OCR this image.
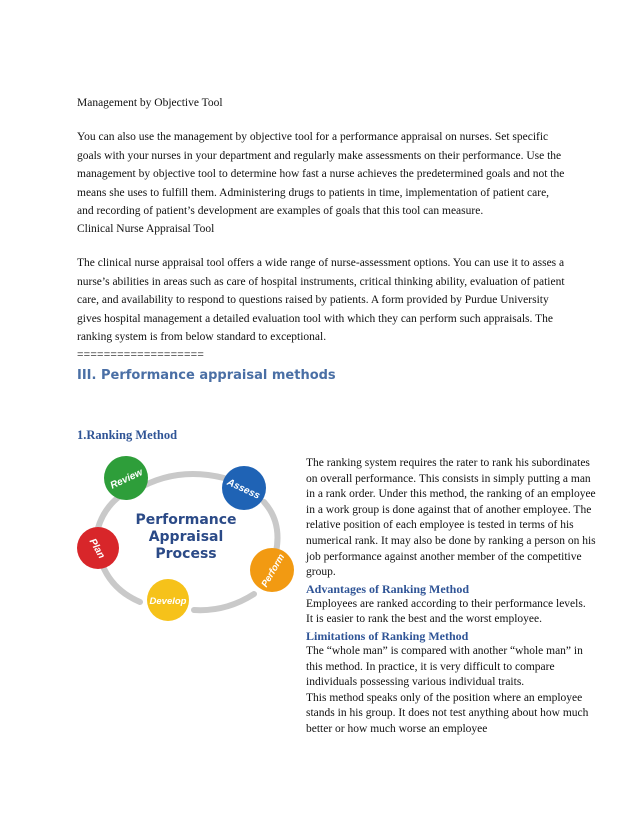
Management by Objective Tool
You can also use the management by objective tool for a performance appraisal on nurses. Set specific goals with your nurses in your department and regularly make assessments on their performance. Use the management by objective tool to determine how fast a nurse achieves the predetermined goals and not the means she uses to fulfill them. Administering drugs to patients in time, implementation of patient care, and recording of patient’s development are examples of goals that this tool can measure.
Clinical Nurse Appraisal Tool
The clinical nurse appraisal tool offers a wide range of nurse-assessment options. You can use it to asses a nurse’s abilities in areas such as care of hospital instruments, critical thinking ability, evaluation of patient care, and availability to respond to questions raised by patients. A form provided by Purdue University gives hospital management a detailed evaluation tool with which they can perform such appraisals. The ranking system is from below standard to exceptional.
===================
III. Performance appraisal methods
1.Ranking Method
Review	Assess
Perform
Develop
Plan
Performance
Appraisal
Process

The ranking system requires the rater to rank his subordinates on overall performance. This consists in simply putting a man in a rank order. Under this method, the ranking of an employee in a work group is done against that of another employee. The relative position of each employee is tested in terms of his numerical rank. It may also be done by ranking a person on his job performance against another member of the competitive group.

Advantages of Ranking Method

Employees are ranked according to their performance levels.

It is easier to rank the best and the worst employee.

Limitations of Ranking Method

The “whole man” is compared with another “whole man” in this method. In practice, it is very difficult to compare individuals possessing various individual traits.

This method speaks only of the position where an employee stands in his group. It does not test anything about how much better or how much worse an employee
